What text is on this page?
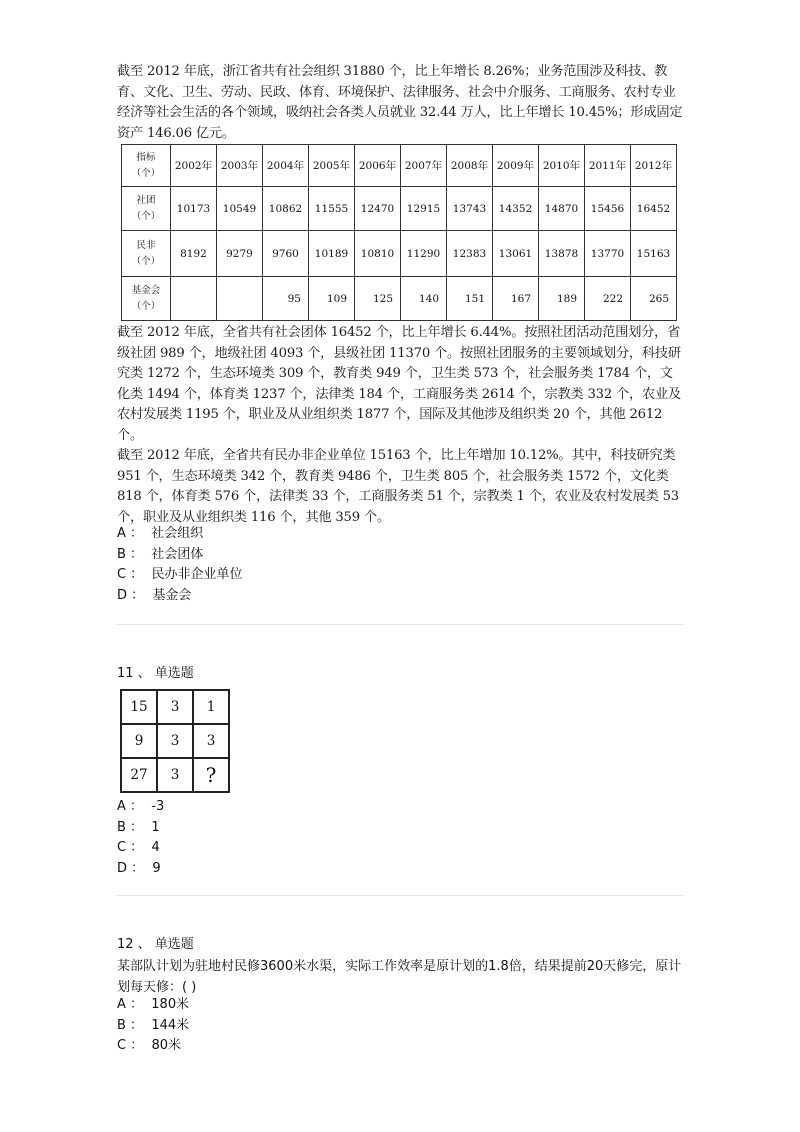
截至 2012 年底，浙江省共有社会组织 31880 个，比上年增长 8.26%；业务范围涉及科技、教育、文化、卫生、劳动、民政、体育、环境保护、法律服务、社会中介服务、工商服务、农村专业经济等社会生活的各个领域，吸纳社会各类人员就业 32.44 万人，比上年增长 10.45%；形成固定资产 146.06 亿元。

指标
（个）	2002年	2003年	2004年	2005年	2006年	2007年	2008年	2009年	2010年	2011年	2012年
社团
（个）	10173	10549	10862	11555	12470	12915	13743	14352	14870	15456	16452
民非
（个）	8192	9279	9760	10189	10810	11290	12383	13061	13878	13770	15163
基金会
（个）			95	109	125	140	151	167	189	222	265

截至 2012 年底，全省共有社会团体 16452 个，比上年增长 6.44%。按照社团活动范围划分，省级社团 989 个，地级社团 4093 个，县级社团 11370 个。按照社团服务的主要领域划分，科技研究类 1272 个，生态环境类 309 个，教育类 949 个，卫生类 573 个，社会服务类 1784 个，文化类 1494 个，体育类 1237 个，法律类 184 个，工商服务类 2614 个，宗教类 332 个，农业及农村发展类 1195 个，职业及从业组织类 1877 个，国际及其他涉及组织类 20 个，其他 2612 个。

截至 2012 年底，全省共有民办非企业单位 15163 个，比上年增加 10.12%。其中，科技研究类 951 个，生态环境类 342 个，教育类 9486 个，卫生类 805 个，社会服务类 1572 个，文化类 818 个，体育类 576 个，法律类 33 个，工商服务类 51 个，宗教类 1 个，农业及农村发展类 53 个，职业及从业组织类 116 个，其他 359 个。

A ：  社会组织
B ：  社会团体
C ：  民办非企业单位
D ：  基金会
11 、 单选题
15	3	1
9	3	3
27	3	?
A ：  -3
B ：  1
C ：  4
D ：  9
12 、 单选题

某部队计划为驻地村民修3600米水渠，实际工作效率是原计划的1.8倍，结果提前20天修完，原计划每天修：( )

A ：  180米
B ：  144米
C ：  80米
